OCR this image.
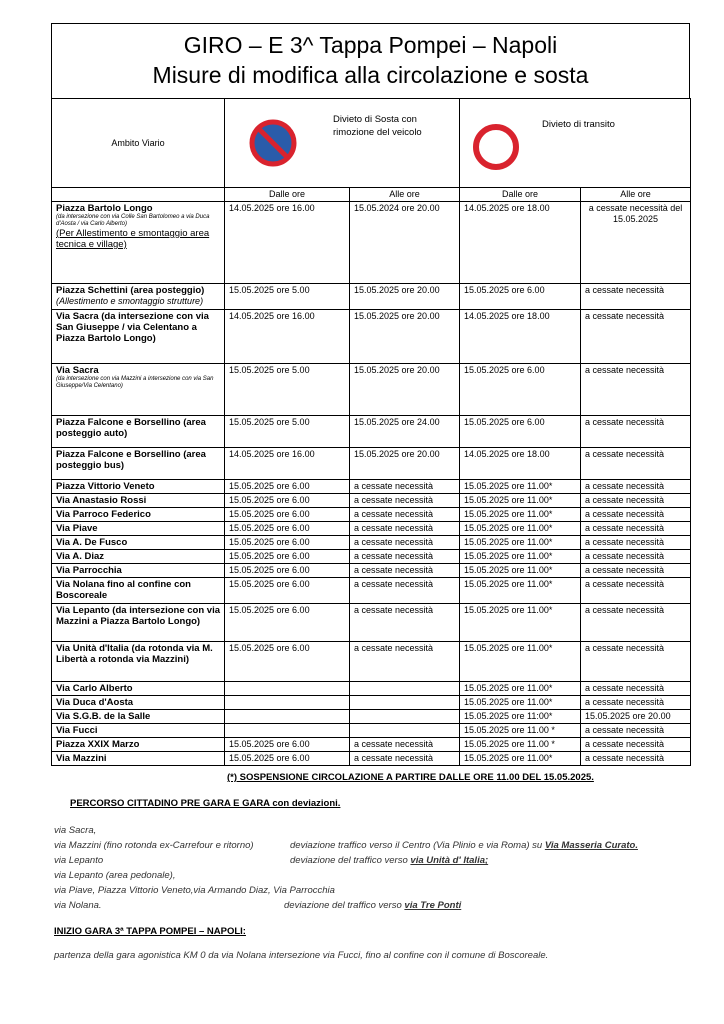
GIRO – E 3^ Tappa Pompei – Napoli
Misure di modifica alla circolazione e sosta
Ambito Viario	Divieto di Sosta con
rimozione del veicolo		Divieto di transito	

	Dalle ore	Alle ore	Dalle ore	Alle ore

Piazza Bartolo Longo
(da intersezione con via Colle San Bartolomeo a via Duca d'Aosta / via Carlo Alberto)
(Per Allestimento e smontaggio area tecnica e village)	14.05.2025 ore 16.00	15.05.2024 ore 20.00	14.05.2025 ore 18.00	a cessate necessità del 15.05.2025

Piazza Schettini (area posteggio)
(Allestimento e smontaggio strutture)	15.05.2025 ore 5.00	15.05.2025 ore 20.00	15.05.2025 ore 6.00	a cessate necessità

Via Sacra (da intersezione con via San Giuseppe / via Celentano a Piazza Bartolo Longo)	14.05.2025 ore 16.00	15.05.2025 ore 20.00	14.05.2025 ore 18.00	a cessate necessità

Via Sacra
(da intersezione con via Mazzini a intersezione con via San Giuseppe/Via Celentano)	15.05.2025 ore 5.00	15.05.2025 ore 20.00	15.05.2025 ore 6.00	a cessate necessità

Piazza Falcone e Borsellino (area posteggio auto)	15.05.2025 ore 5.00	15.05.2025 ore 24.00	15.05.2025 ore 6.00	a cessate necessità

Piazza Falcone e Borsellino (area posteggio bus)	14.05.2025 ore 16.00	15.05.2025 ore 20.00	14.05.2025 ore 18.00	a cessate necessità

Piazza Vittorio Veneto	15.05.2025 ore 6.00	a cessate necessità	15.05.2025 ore 11.00*	a cessate necessità

Via Anastasio Rossi	15.05.2025 ore 6.00	a cessate necessità	15.05.2025 ore 11.00*	a cessate necessità

Via Parroco Federico	15.05.2025 ore 6.00	a cessate necessità	15.05.2025 ore 11.00*	a cessate necessità

Via Piave	15.05.2025 ore 6.00	a cessate necessità	15.05.2025 ore 11.00*	a cessate necessità

Via A. De Fusco	15.05.2025 ore 6.00	a cessate necessità	15.05.2025 ore 11.00*	a cessate necessità

Via A. Diaz	15.05.2025 ore 6.00	a cessate necessità	15.05.2025 ore 11.00*	a cessate necessità

Via Parrocchia	15.05.2025 ore 6.00	a cessate necessità	15.05.2025 ore 11.00*	a cessate necessità

Via Nolana fino al confine con Boscoreale	15.05.2025 ore 6.00	a cessate necessità	15.05.2025 ore 11.00*	a cessate necessità

Via Lepanto (da intersezione con via Mazzini a Piazza Bartolo Longo)	15.05.2025 ore 6.00	a cessate necessità	15.05.2025 ore 11.00*	a cessate necessità

Via Unità d'Italia (da rotonda via M. Libertà a rotonda via Mazzini)	15.05.2025 ore 6.00	a cessate necessità	15.05.2025 ore 11.00*	a cessate necessità

Via Carlo Alberto			15.05.2025 ore 11.00*	a cessate necessità

Via Duca d'Aosta			15.05.2025 ore 11.00*	a cessate necessità

Via S.G.B. de la Salle			15.05.2025 ore 11:00*	15.05.2025 ore 20.00

Via Fucci			15.05.2025 ore 11.00 *	a cessate necessità

Piazza XXIX Marzo	15.05.2025 ore 6.00	a cessate necessità	15.05.2025 ore 11.00 *	a cessate necessità

Via Mazzini	15.05.2025 ore 6.00	a cessate necessità	15.05.2025 ore 11.00*	a cessate necessità
(*) SOSPENSIONE CIRCOLAZIONE A PARTIRE DALLE ORE 11.00 DEL 15.05.2025.
PERCORSO CITTADINO PRE GARA E GARA con deviazioni.
via Sacra,
via Mazzini (fino rotonda ex-Carrefour e ritorno)	deviazione traffico verso il Centro (Via Plinio e via Roma) su Via Masseria Curato.
via Lepanto	deviazione del traffico verso via Unità d' Italia;
via Lepanto (area pedonale),
via Piave, Piazza Vittorio Veneto,via Armando Diaz, Via Parrocchia
via Nolana.	deviazione del traffico verso via Tre Ponti
INIZIO GARA 3ª TAPPA POMPEI – NAPOLI:
partenza della gara agonistica KM 0 da via Nolana intersezione via Fucci, fino al confine con il comune di Boscoreale.
